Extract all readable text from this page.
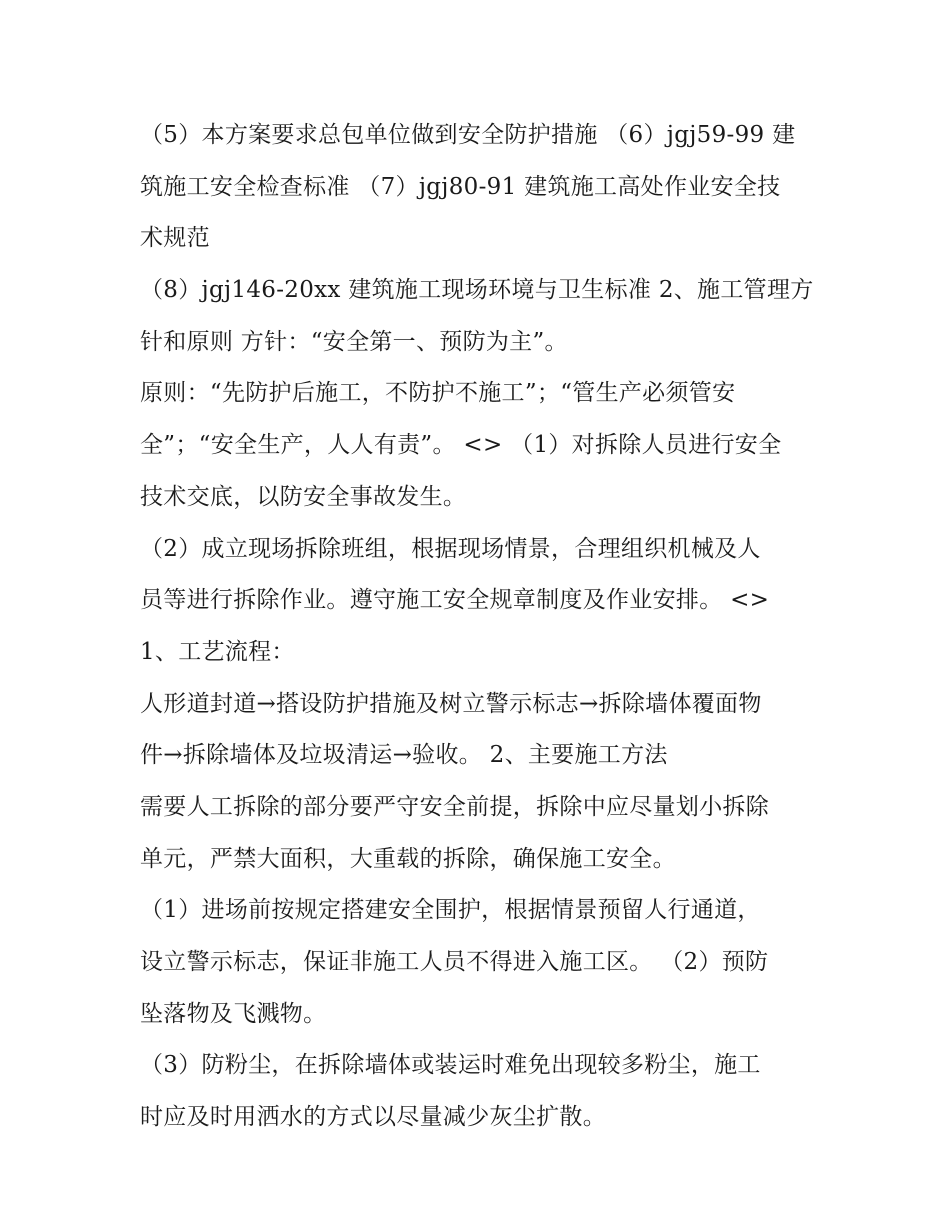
（5）本方案要求总包单位做到安全防护措施 （6）jgj59-99 建
筑施工安全检查标准 （7）jgj80-91 建筑施工高处作业安全技
术规范
（8）jgj146-20xx 建筑施工现场环境与卫生标准 2、施工管理方
针和原则 方针：“安全第一、预防为主”。
原则：“先防护后施工，不防护不施工”；“管生产必须管安
全”；“安全生产，人人有责”。 <> （1）对拆除人员进行安全
技术交底，以防安全事故发生。
（2）成立现场拆除班组，根据现场情景，合理组织机械及人
员等进行拆除作业。遵守施工安全规章制度及作业安排。 <>
1、工艺流程：
人形道封道→搭设防护措施及树立警示标志→拆除墙体覆面物
件→拆除墙体及垃圾清运→验收。 2、主要施工方法
需要人工拆除的部分要严守安全前提，拆除中应尽量划小拆除
单元，严禁大面积，大重载的拆除，确保施工安全。
（1）进场前按规定搭建安全围护，根据情景预留人行通道，
设立警示标志，保证非施工人员不得进入施工区。 （2）预防
坠落物及飞溅物。
（3）防粉尘，在拆除墙体或装运时难免出现较多粉尘，施工
时应及时用洒水的方式以尽量减少灰尘扩散。
